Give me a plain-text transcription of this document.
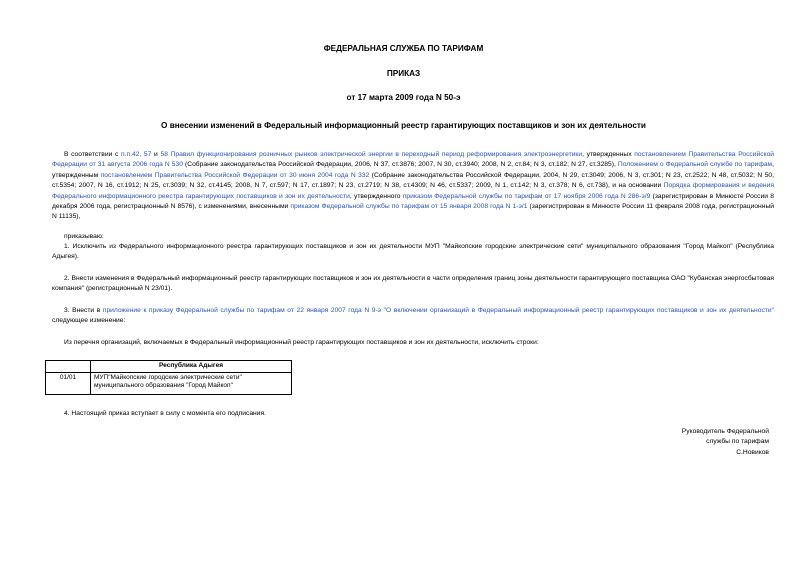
ФЕДЕРАЛЬНАЯ СЛУЖБА ПО ТАРИФАМ
ПРИКАЗ
от 17 марта 2009 года N 50-э
О внесении изменений в Федеральный информационный реестр гарантирующих поставщиков и зон их деятельности
В соответствии с п.п.42, 57 и 58 Правил функционирования розничных рынков электрической энергии в переходный период реформирования электроэнергетики, утвержденных постановлением Правительства Российской Федерации от 31 августа 2006 года N 530 (Собрание законодательства Российской Федерации, 2006, N 37, ст.3876; 2007, N 30, ст.3940; 2008, N 2, ст.84; N 3, ст.182; N 27, ст.3285), Положением о Федеральной службе по тарифам, утвержденным постановлением Правительства Российской Федерации от 30 июня 2004 года N 332 (Собрание законодательства Российской Федерации, 2004, N 29, ст.3049; 2006, N 3, ст.301; N 23, ст.2522; N 48, ст.5032; N 50, ст.5354; 2007, N 16, ст.1912; N 25, ст.3039; N 32, ст.4145; 2008, N 7, ст.597; N 17, ст.1897; N 23, ст.2719; N 38, ст.4309; N 46, ст.5337; 2009, N 1, ст.142; N 3, ст.378; N 6, ст.738), и на основании Порядка формирования и ведения Федерального информационного реестра гарантирующих поставщиков и зон их деятельности, утвержденного приказом Федеральной службы по тарифам от 17 ноября 2006 года N 286-э/9 (зарегистрирован в Минюсте России 8 декабря 2006 года, регистрационный N 8576), с изменениями, внесенными приказом Федеральной службы по тарифам от 15 января 2008 года N 1-э/1 (зарегистрирован в Минюсте России 11 февраля 2008 года, регистрационный N 11135),
приказываю:
1. Исключить из Федерального информационного реестра гарантирующих поставщиков и зон их деятельности МУП "Майкопские городские электрические сети" муниципального образования "Город Майкоп" (Республика Адыгея).
2. Внести изменения в Федеральный информационный реестр гарантирующих поставщиков и зон их деятельности в части определения границ зоны деятельности гарантирующего поставщика ОАО "Кубанская энергосбытовая компания" (регистрационный N 23/01).
3. Внести в приложение к приказу Федеральной службы по тарифам от 22 января 2007 года N 9-э "О включении организаций в Федеральный информационный реестр гарантирующих поставщиков и зон их деятельности" следующее изменение:
Из перечня организаций, включаемых в Федеральный информационный реестр гарантирующих поставщиков и зон их деятельности, исключить строки:
	Республика Адыгея
01/01	МУП"Майкопские городские электрические сети" муниципального образования "Город Майкоп"
4. Настоящий приказ вступает в силу с момента его подписания.
Руководитель Федеральной
службы по тарифам
С.Новиков
